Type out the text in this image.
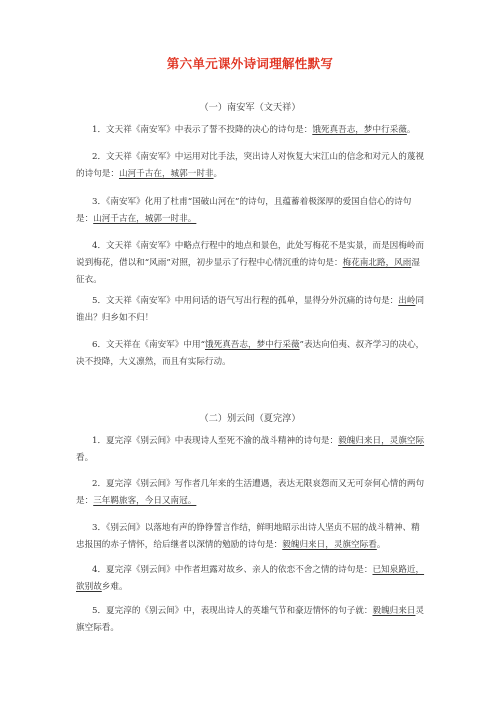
第六单元课外诗词理解性默写
（一）南安军（文天祥）
1．文天祥《南安军》中表示了誓不投降的决心的诗句是：饿死真吾志，梦中行采薇。
2．文天祥《南安军》中运用对比手法，突出诗人对恢复大宋江山的信念和对元人的蔑视 的诗句是：山河千古在，城郭一时非。
3．《南安军》化用了杜甫“国破山河在”的诗句，且蕴蓄着极深厚的爱国自信心的诗句 是：山河千古在，城郭一时非。
4．文天祥《南安军》中略点行程中的地点和景色，此处写梅花不是实景，而是因梅岭而 说到梅花，借以和“风雨”对照，初步显示了行程中心情沉重的诗句是：梅花南北路，风雨湿征衣。
5．文天祥《南安军》中用问话的语气写出行程的孤单，显得分外沉痛的诗句是：出岭同谁出？归乡如不归！
6．文天祥在《南安军》中用“饿死真吾志，梦中行采薇”表达向伯夷、叔齐学习的决心，决不投降，大义凛然，而且有实际行动。
（二）别云间（夏完淳）
1．夏完淳《别云间》中表现诗人至死不渝的战斗精神的诗句是：毅魄归来日，灵旗空际看。
2．夏完淳《别云间》写作者几年来的生活遭遇，表达无限哀怨而又无可奈何心情的两句 是：三年羁旅客，今日又南冠。
3．《别云间》以落地有声的铮铮誓言作结，鲜明地昭示出诗人坚贞不屈的战斗精神、精 忠报国的赤子情怀，给后继者以深情的勉励的诗句是：毅魄归来日，灵旗空际看。
4．夏完淳《别云间》中作者坦露对故乡、亲人的依恋不舍之情的诗句是：已知泉路近，欲别故乡难。
5．夏完淳的《别云间》中，表现出诗人的英雄气节和豪迈情怀的句子就：毅魄归来日灵旗空际看。
